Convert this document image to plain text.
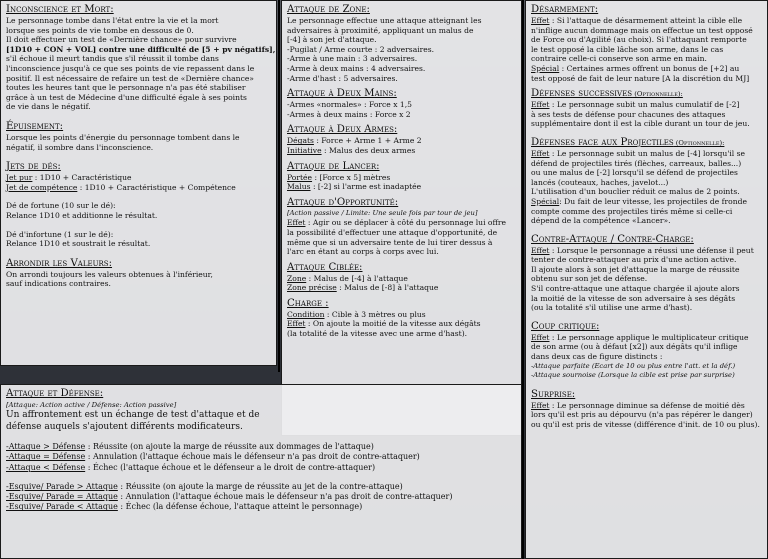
Inconscience et Mort:
Le personnage tombe dans l'état entre la vie et la mort
lorsque ses points de vie tombe en dessous de 0.
Il doit effectuer un test de «Dernière chance» pour survivre
[1D10 + CON + VOL] contre une difficulté de [5 + pv négatifs],
s'il échoue il meurt tandis que s'il réussit il tombe dans
l'inconscience jusqu'à ce que ses points de vie repassent dans le
positif. Il est nécessaire de refaire un test de «Dernière chance»
toutes les heures tant que le personnage n'a pas été stabiliser
grâce à un test de Médecine d'une difficulté égale à ses points
de vie dans le négatif.
Épuisement:
Lorsque les points d'énergie du personnage tombent dans le
négatif, il sombre dans l'inconscience.
Jets de dés:
Jet pur : 1D10 + Caractéristique
Jet de compétence : 1D10 + Caractéristique + Compétence
Dé de fortune (10 sur le dé):
Relance 1D10 et additionne le résultat.
Dé d'infortune (1 sur le dé):
Relance 1D10 et soustrait le résultat.
Arrondir les Valeurs:
On arrondi toujours les valeurs obtenues à l'inférieur,
sauf indications contraires.
Attaque de Zone:
Le personnage effectue une attaque atteignant les
adversaires à proximité, appliquant un malus de
[-4] à son jet d'attaque.
-Pugilat / Arme courte : 2 adversaires.
-Arme à une main : 3 adversaires.
-Arme à deux mains : 4 adversaires.
-Arme d'hast : 5 adversaires.
Attaque à Deux Mains:
-Armes «normales» : Force x 1,5
-Armes à deux mains : Force x 2
Attaque à Deux Armes:
Dégats : Force + Arme 1 + Arme 2
Initiative : Malus des deux armes
Attaque de Lancer:
Portée : [Force x 5] mètres
Malus : [-2] si l'arme est inadaptée
Attaque d'Opportunité:
[Action passive / Limite: Une seule fois par tour de jeu]
Effet : Agir ou se déplacer à côté du personnage lui offre
la possibilité d'effectuer une attaque d'opportunité, de
même que si un adversaire tente de lui tirer dessus à
l'arc en étant au corps à corps avec lui.
Attaque Ciblée:
Zone : Malus de [-4] à l'attaque
Zone précise : Malus de [-8] à l'attaque
Charge :
Condition : Cible à 3 mètres ou plus
Effet : On ajoute la moitié de la vitesse aux dégâts
(la totalité de la vitesse avec une arme d'hast).
Désarmement:
Effet : Si l'attaque de désarmement atteint la cible elle
n'inflige aucun dommage mais on effectue un test opposé
de Force ou d'Agilité (au choix). Si l'attaquant remporte
le test opposé la cible lâche son arme, dans le cas
contraire celle-ci conserve son arme en main.
Spécial : Certaines armes offrent un bonus de [+2] au
test opposé de fait de leur nature [A la discrétion du MJ]
Défenses successives (Optionnelle):
Effet : Le personnage subit un malus cumulatif de [-2]
à ses tests de défense pour chacunes des attaques
supplémentaire dont il est la cible durant un tour de jeu.
Défenses face aux Projectiles (Optionnelle):
Effet : Le personnage subit un malus de [-4] lorsqu'il se
défend de projectiles tirés (flèches, carreaux, balles...)
ou une malus de [-2] lorsqu'il se défend de projectiles
lancés (couteaux, haches, javelot...)
L'utilisation d'un bouclier réduit ce malus de 2 points.
Spécial: Du fait de leur vitesse, les projectiles de fronde
compte comme des projectiles tirés même si celle-ci
dépend de la compétence «Lancer».
Contre-Attaque / Contre-Charge:
Effet : Lorsque le personnage a réussi une défense il peut
tenter de contre-attaquer au prix d'une action active.
Il ajoute alors à son jet d'attaque la marge de réussite
obtenu sur son jet de défense.
S'il contre-attaque une attaque chargée il ajoute alors
la moitié de la vitesse de son adversaire à ses dégâts
(ou la totalité s'il utilise une arme d'hast).
Coup critique:
Effet : Le personnage applique le multiplicateur critique
de son arme (ou à défaut [x2]) aux dégâts qu'il inflige
dans deux cas de figure distincts :
-Attaque parfaite (Ecart de 10 ou plus entre l'att. et la déf.)
-Attaque sournoise (Lorsque la cible est prise par surprise)
Surprise:
Effet : Le personnage diminue sa défense de moitié dès
lors qu'il est pris au dépourvu (n'a pas répérer le danger)
ou qu'il est pris de vitesse (différence d'init. de 10 ou plus).
Attaque et Défense:
[Attaque: Action active / Défense: Action passive]
Un affrontement est un échange de test d'attaque et de
défense auquels s'ajoutent différents modificateurs.
-Attaque > Défense : Réussite (on ajoute la marge de réussite aux dommages de l'attaque)
-Attaque = Défense : Annulation (l'attaque échoue mais le défenseur n'a pas droit de contre-attaquer)
-Attaque < Défense : Échec (l'attaque échoue et le défenseur a le droit de contre-attaquer)
-Esquive/ Parade > Attaque : Réussite (on ajoute la marge de réussite au jet de la contre-attaque)
-Esquive/ Parade = Attaque : Annulation (l'attaque échoue mais le défenseur n'a pas droit de contre-attaquer)
-Esquive/ Parade < Attaque : Échec (la défense échoue, l'attaque atteint le personnage)
